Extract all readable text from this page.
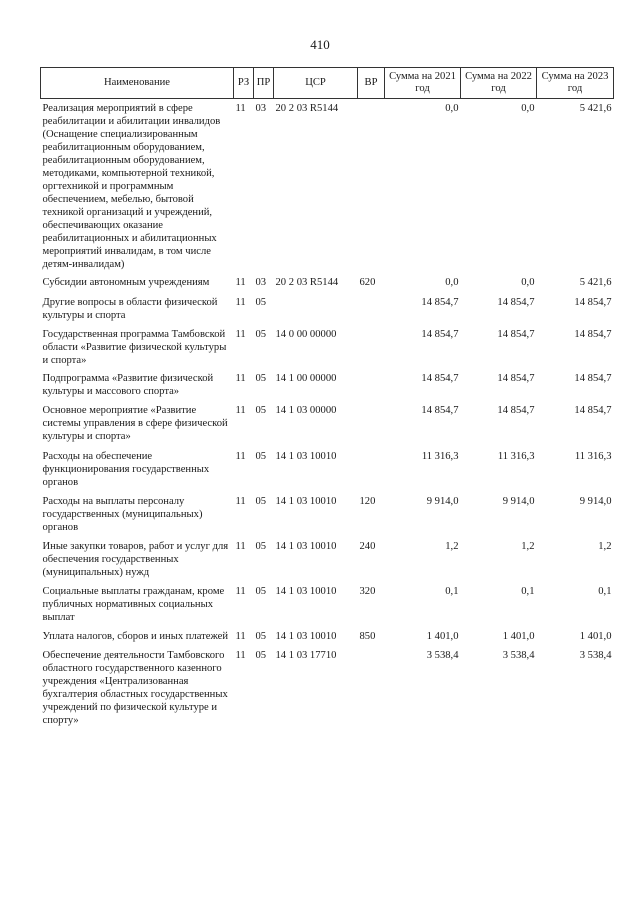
410
Наименование	РЗ	ПР	ЦСР	ВР	Сумма на 2021 год	Сумма на 2022 год	Сумма на 2023 год
Реализация мероприятий в сфере реабилитации и абилитации инвалидов (Оснащение специализированным реабилитационным оборудованием, реабилитационным оборудованием, методиками, компьютерной техникой, оргтехникой и программным обеспечением, мебелью, бытовой техникой организаций и учреждений, обеспечивающих оказание реабилитационных и абилитационных мероприятий инвалидам, в том числе детям-инвалидам)	11	03	20 2 03 R5144		0,0	0,0	5 421,6
Субсидии автономным учреждениям	11	03	20 2 03 R5144	620	0,0	0,0	5 421,6
Другие вопросы в области физической культуры и спорта	11	05			14 854,7	14 854,7	14 854,7
Государственная программа Тамбовской области «Развитие физической культуры и спорта»	11	05	14 0 00 00000		14 854,7	14 854,7	14 854,7
Подпрограмма «Развитие физической культуры и массового спорта»	11	05	14 1 00 00000		14 854,7	14 854,7	14 854,7
Основное мероприятие «Развитие системы управления в сфере физической культуры и спорта»	11	05	14 1 03 00000		14 854,7	14 854,7	14 854,7
Расходы на обеспечение функционирования государственных органов	11	05	14 1 03 10010		11 316,3	11 316,3	11 316,3
Расходы на выплаты персоналу государственных (муниципальных) органов	11	05	14 1 03 10010	120	9 914,0	9 914,0	9 914,0
Иные закупки товаров, работ и услуг для обеспечения государственных (муниципальных) нужд	11	05	14 1 03 10010	240	1,2	1,2	1,2
Социальные выплаты гражданам, кроме публичных нормативных социальных выплат	11	05	14 1 03 10010	320	0,1	0,1	0,1
Уплата налогов, сборов и иных платежей	11	05	14 1 03 10010	850	1 401,0	1 401,0	1 401,0
Обеспечение деятельности Тамбовского областного государственного казенного учреждения «Централизованная бухгалтерия областных государственных учреждений по физической культуре и спорту»	11	05	14 1 03 17710		3 538,4	3 538,4	3 538,4
